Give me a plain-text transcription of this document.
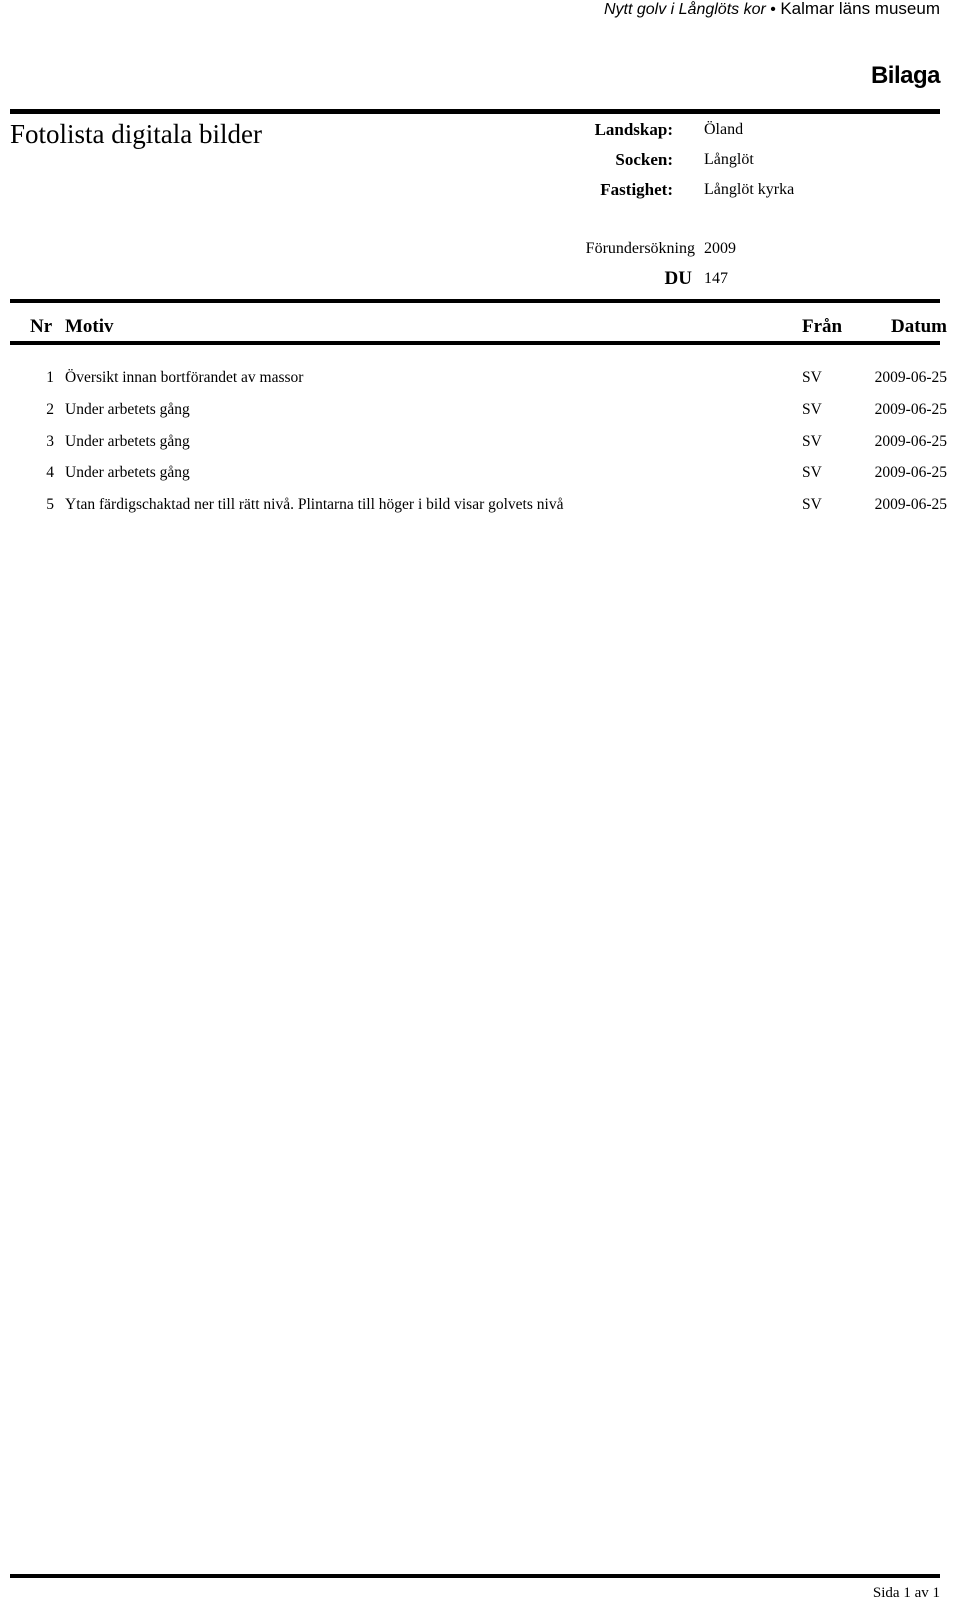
Nytt golv i Långlöts kor • Kalmar läns museum
Bilaga
Fotolista digitala bilder	Landskap: Öland
Socken: Långlöt
Fastighet: Långlöt kyrka
Förundersökning 2009
DU 147
Nr Motiv	Från	Datum
1 Översikt innan bortförandet av massor	SV	2009-06-25
2 Under arbetets gång	SV	2009-06-25
3 Under arbetets gång	SV	2009-06-25
4 Under arbetets gång	SV	2009-06-25
5 Ytan färdigschaktad ner till rätt nivå. Plintarna till höger i bild visar golvets nivå	SV	2009-06-25
Sida 1 av 1
